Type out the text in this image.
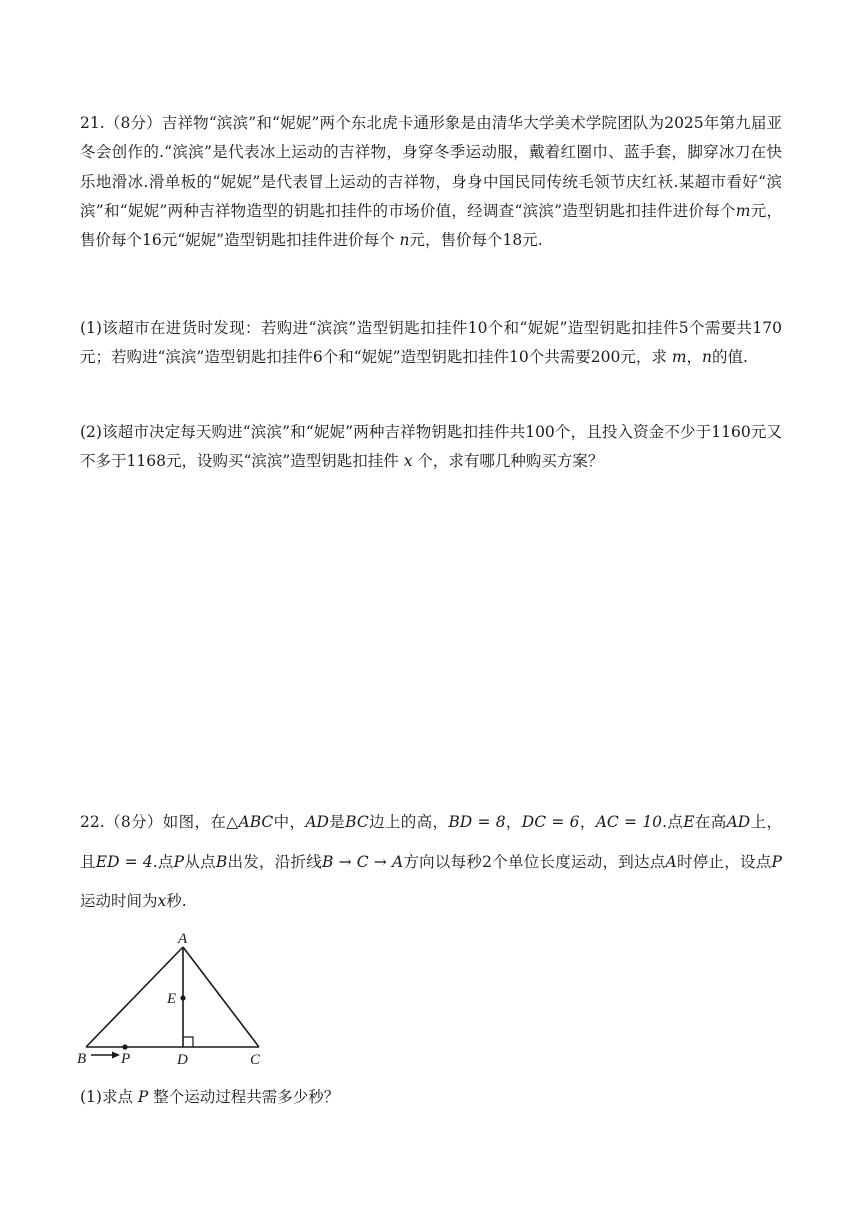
21.（8分）吉祥物“滨滨”和“妮妮”两个东北虎卡通形象是由清华大学美术学院团队为2025年第九届亚冬会创作的.“滨滨”是代表冰上运动的吉祥物，身穿冬季运动服，戴着红圈巾、蓝手套，脚穿冰刀在快乐地滑冰.滑单板的“妮妮”是代表冒上运动的吉祥物，身身中国民同传统毛领节庆红袄.某超市看好“滨滨”和“妮妮”两种吉祥物造型的钥匙扣挂件的市场价值，经调查“滨滨”造型钥匙扣挂件进价每个m元，售价每个16元“妮妮”造型钥匙扣挂件进价每个 n元，售价每个18元.

(1)该超市在进货时发现：若购进“滨滨”造型钥匙扣挂件10个和“妮妮”造型钥匙扣挂件5个需要共170元；若购进“滨滨”造型钥匙扣挂件6个和“妮妮”造型钥匙扣挂件10个共需要200元，求 m，n的值.

(2)该超市决定每天购进“滨滨”和“妮妮”两种吉祥物钥匙扣挂件共100个，且投入资金不少于1160元又不多于1168元，设购买“滨滨”造型钥匙扣挂件 x 个，求有哪几种购买方案？

22.（8分）如图，在△ABC中，AD是BC边上的高，BD = 8，DC = 6，AC = 10.点E在高AD上，且ED = 4.点P从点B出发，沿折线B → C → A方向以每秒2个单位长度运动，到达点A时停止，设点P运动时间为x秒.

A
E
B P	D	C

(1)求点 P 整个运动过程共需多少秒？
